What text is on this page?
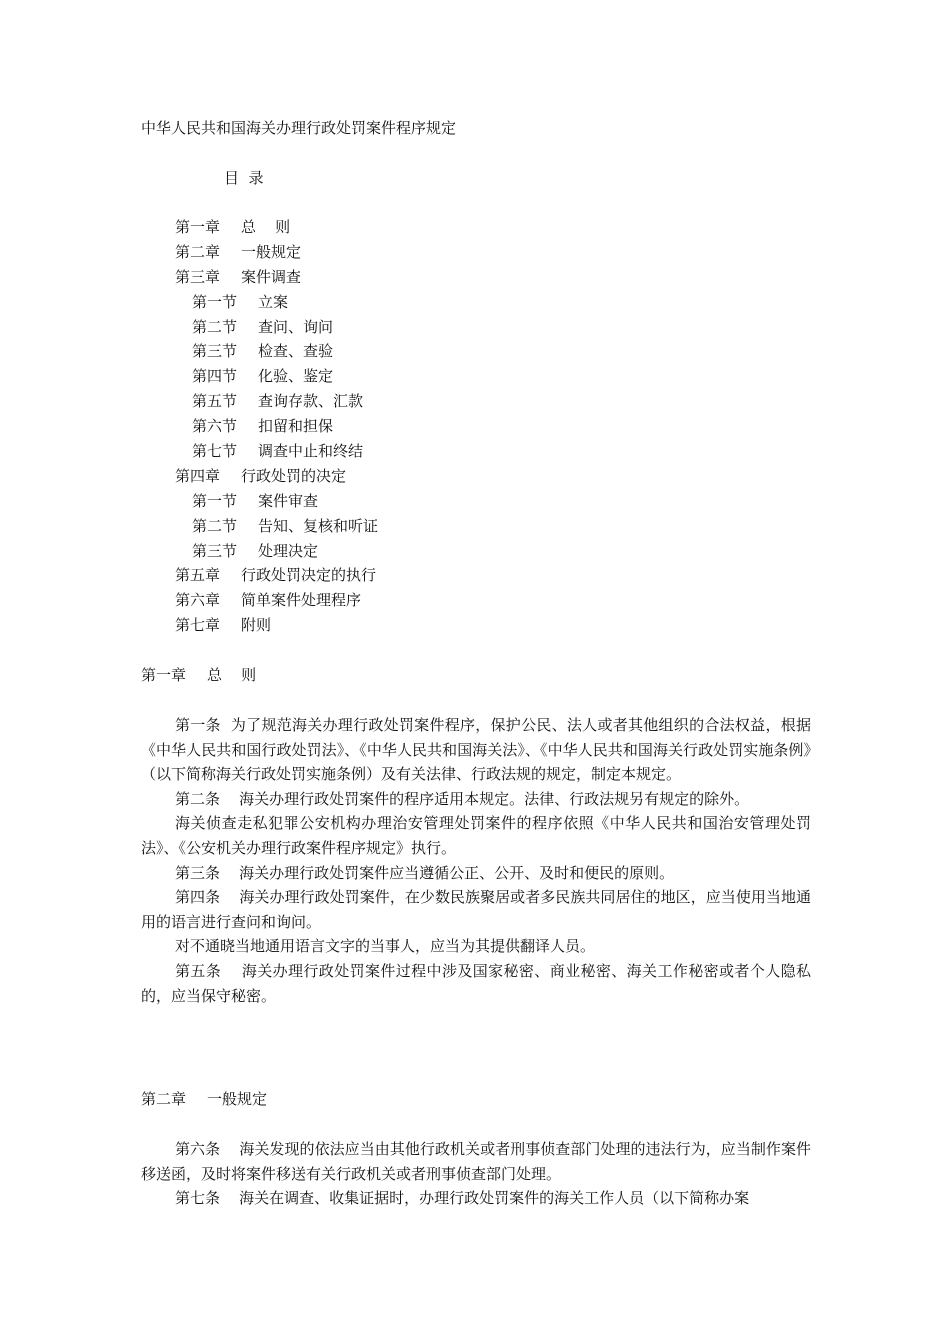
中华人民共和国海关办理行政处罚案件程序规定
目  录
第一章 总    则
第二章 一般规定
第三章 案件调查
第一节 立案
第二节 查问、询问
第三节 检查、查验
第四节 化验、鉴定
第五节 查询存款、汇款
第六节 扣留和担保
第七节 调查中止和终结
第四章 行政处罚的决定
第一节 案件审查
第二节 告知、复核和听证
第三节 处理决定
第五章 行政处罚决定的执行
第六章 简单案件处理程序
第七章 附则
第一章 总    则

第一条  为了规范海关办理行政处罚案件程序，保护公民、法人或者其他组织的合法权益，根据《中华人民共和国行政处罚法》、《中华人民共和国海关法》、《中华人民共和国海关行政处罚实施条例》（以下简称海关行政处罚实施条例）及有关法律、行政法规的规定，制定本规定。

第二条    海关办理行政处罚案件的程序适用本规定。法律、行政法规另有规定的除外。

海关侦查走私犯罪公安机构办理治安管理处罚案件的程序依照《中华人民共和国治安管理处罚法》、《公安机关办理行政案件程序规定》执行。

第三条    海关办理行政处罚案件应当遵循公正、公开、及时和便民的原则。

第四条    海关办理行政处罚案件，在少数民族聚居或者多民族共同居住的地区，应当使用当地通用的语言进行查问和询问。

对不通晓当地通用语言文字的当事人，应当为其提供翻译人员。

第五条    海关办理行政处罚案件过程中涉及国家秘密、商业秘密、海关工作秘密或者个人隐私的，应当保守秘密。

第二章 一般规定

第六条    海关发现的依法应当由其他行政机关或者刑事侦查部门处理的违法行为，应当制作案件移送函，及时将案件移送有关行政机关或者刑事侦查部门处理。

第七条    海关在调查、收集证据时，办理行政处罚案件的海关工作人员（以下简称办案
